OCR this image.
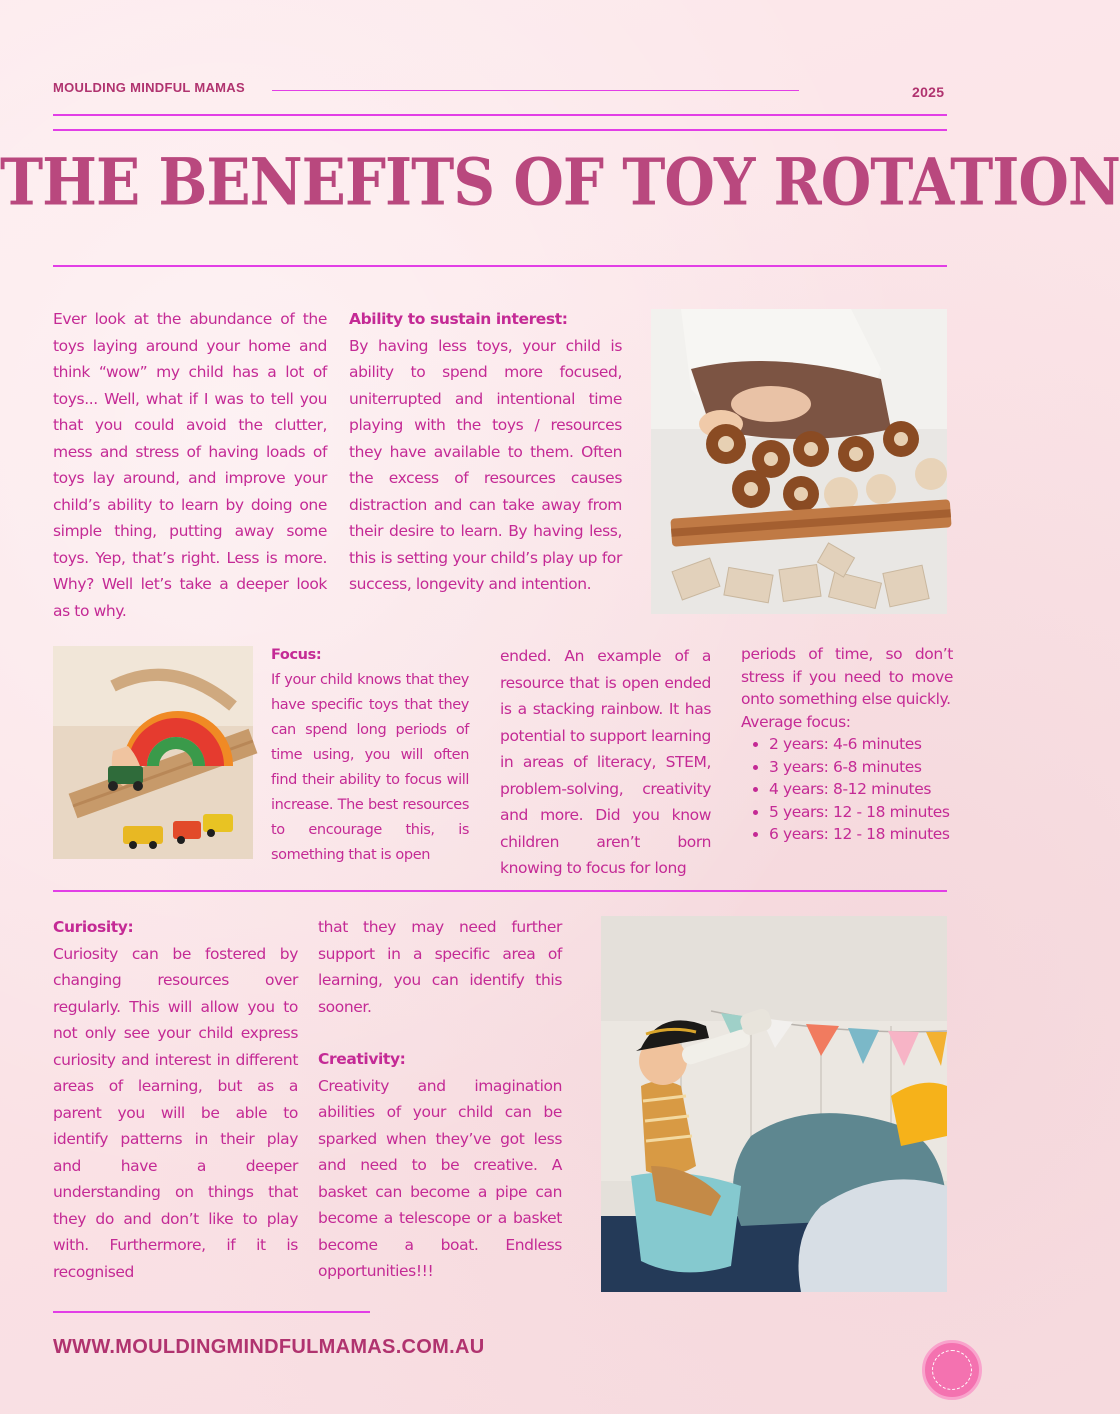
MOULDING MINDFUL MAMAS	2025
THE BENEFITS OF TOY ROTATION
Ever look at the abundance of the toys laying around your home and think “wow” my child has a lot of toys... Well, what if I was to tell you that you could avoid the clutter, mess and stress of having loads of toys lay around, and improve your child’s ability to learn by doing one simple thing, putting away some toys. Yep, that’s right. Less is more. Why? Well let’s take a deeper look as to why.
Ability to sustain interest:
By having less toys, your child is ability to spend more focused, uniterrupted and intentional time playing with the toys / resources they have available to them. Often the excess of resources causes distraction and can take away from their desire to learn. By having less, this is setting your child’s play up for success, longevity and intention.
Focus:
If your child knows that they have specific toys that they can spend long periods of time using, you will often find their ability to focus will increase. The best resources to encourage this, is something that is open
ended. An example of a resource that is open ended is a stacking rainbow. It has potential to support learning in areas of literacy, STEM, problem-solving, creativity and more. Did you know children aren’t born knowing to focus for long
periods of time, so don’t stress if you need to move onto something else quickly.
Average focus:
• 2 years: 4-6 minutes
• 3 years: 6-8 minutes
• 4 years: 8-12 minutes
• 5 years: 12 - 18 minutes
• 6 years: 12 - 18 minutes
Curiosity:
Curiosity can be fostered by changing resources over regularly. This will allow you to not only see your child express curiosity and interest in different areas of learning, but as a parent you will be able to identify patterns in their play and have a deeper understanding on things that they do and don’t like to play with. Furthermore, if it is recognised
that they may need further support in a specific area of learning, you can identify this sooner.
Creativity:
Creativity and imagination abilities of your child can be sparked when they’ve got less and need to be creative. A basket can become a pipe can become a telescope or a basket become a boat. Endless opportunities!!!
WWW.MOULDINGMINDFULMAMAS.COM.AU
